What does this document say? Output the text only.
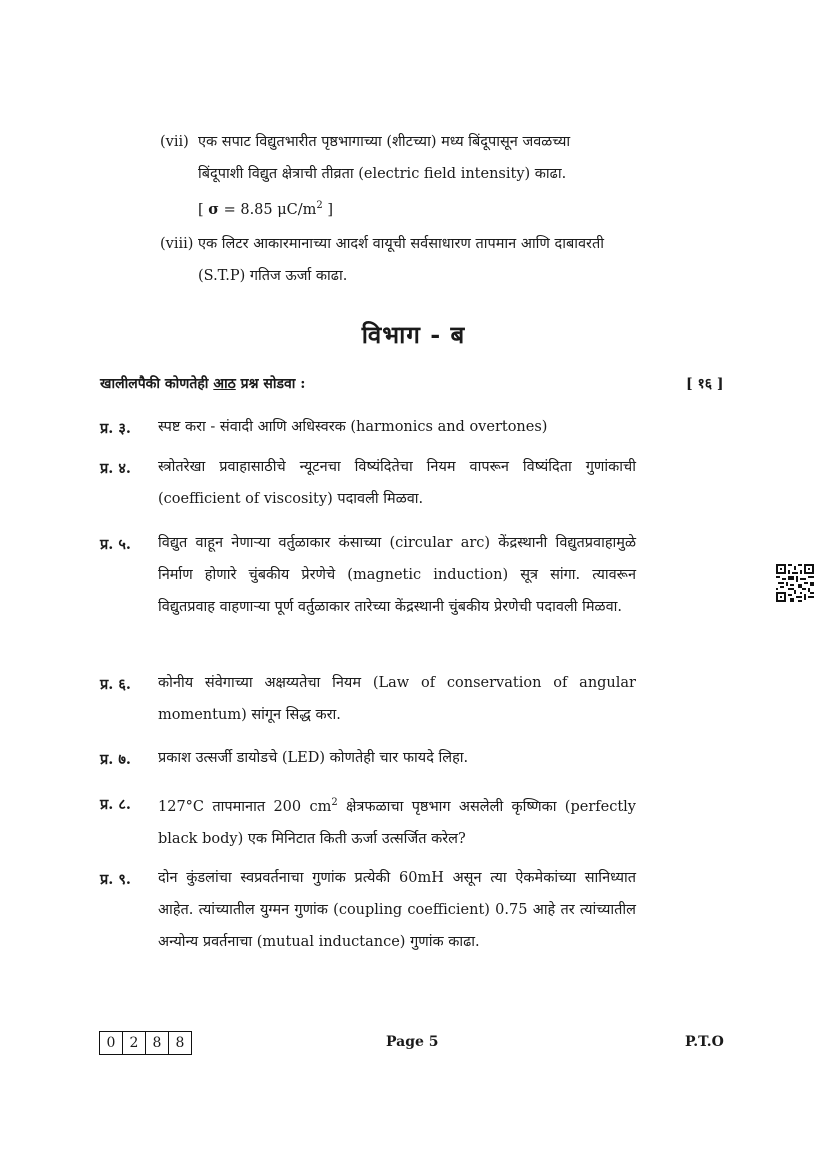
(vii) एक सपाट विद्युतभारीत पृष्ठभागाच्या (शीटच्या) मध्य बिंदूपासून जवळच्या
बिंदूपाशी विद्युत क्षेत्राची तीव्रता (electric field intensity) काढा.
[ σ = 8.85 $\mu C/m^2$ ]
(viii) एक लिटर आकारमानाच्या आदर्श वायूची सर्वसाधारण तापमान आणि दाबावरती
(S.T.P) गतिज ऊर्जा काढा.
विभाग - ब
खालीलपैकी कोणतेही आठ प्रश्न सोडवा :	[ १६ ]
प्र. ३. स्पष्ट करा - संवादी आणि अधिस्वरक (harmonics and overtones)
प्र. ४. स्त्रोतरेखा प्रवाहासाठीचे न्यूटनचा विष्यंदितेचा नियम वापरून विष्यंदिता गुणांकाची (coefficient of viscosity) पदावली मिळवा.
प्र. ५. विद्युत वाहून नेणाऱ्या वर्तुळाकार कंसाच्या (circular arc) केंद्रस्थानी विद्युतप्रवाहामुळे निर्माण होणारे चुंबकीय प्रेरणेचे (magnetic induction) सूत्र सांगा. त्यावरून विद्युतप्रवाह वाहणाऱ्या पूर्ण वर्तुळाकार तारेच्या केंद्रस्थानी चुंबकीय प्रेरणेची पदावली मिळवा.
प्र. ६. कोनीय संवेगाच्या अक्षय्यतेचा नियम (Law of conservation of angular momentum) सांगून सिद्ध करा.
प्र. ७. प्रकाश उत्सर्जी डायोडचे (LED) कोणतेही चार फायदे लिहा.
प्र. ८. 127°C तापमानात 200 $cm^2$ क्षेत्रफळाचा पृष्ठभाग असलेली कृष्णिका (perfectly black body) एक मिनिटात किती ऊर्जा उत्सर्जित करेल?
प्र. ९. दोन कुंडलांचा स्वप्रवर्तनाचा गुणांक प्रत्येकी 60mH असून त्या ऐकमेकांच्या सानिध्यात आहेत. त्यांच्यातील युग्मन गुणांक (coupling coefficient) 0.75 आहे तर त्यांच्यातील अन्योन्य प्रवर्तनाचा (mutual inductance) गुणांक काढा.
0	2	8	8	Page 5	P.T.O
